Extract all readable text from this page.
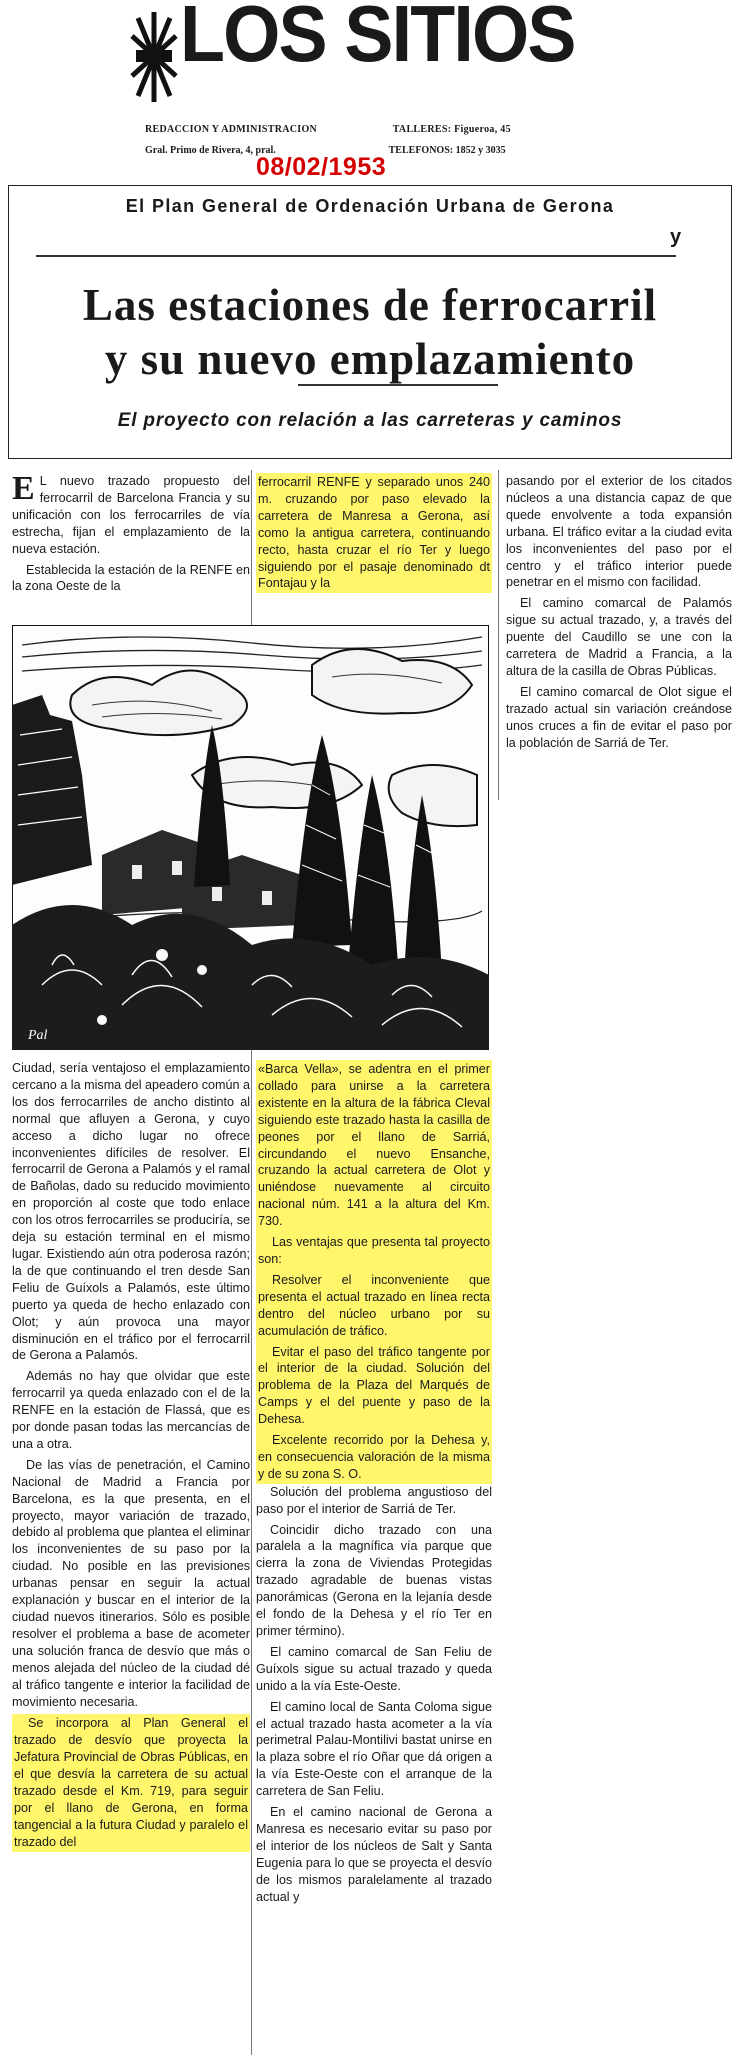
LOS SITIOS
REDACCION Y ADMINISTRACION	TALLERES: Figueroa, 45
Gral. Primo de Rivera, 4, pral.	TELEFONOS: 1852 y 3035
08/02/1953
El Plan General de Ordenación Urbana de Gerona
y
Las estaciones de ferrocarril
y su nuevo emplazamiento
El proyecto con relación a las carreteras y caminos

E L nuevo trazado propuesto del ferrocarril de Barcelona Francia y su unificación con los ferrocarriles de vía estrecha, fijan el emplazamiento de la nueva estación.

Establecida la estación de la RENFE en la zona Oeste de la

ferrocarril RENFE y separado unos 240 m. cruzando por paso elevado la carretera de Manresa a Gerona, así como la antigua carretera, continuando recto, hasta cruzar el río Ter y luego siguiendo por el pasaje denominado dt Fontajau y la

pasando por el exterior de los citados núcleos a una distancia capaz de que quede envolvente a toda expansión urbana. El tráfico evitar a la ciudad evita los inconvenientes del paso por el centro y el tráfico interior puede penetrar en el mismo con facilidad.

El camino comarcal de Palamós sigue su actual trazado, y, a través del puente del Caudillo se une con la carretera de Madrid a Francia, a la altura de la casilla de Obras Públicas.

El camino comarcal de Olot sigue el trazado actual sin variación creándose unos cruces a fin de evitar el paso por la población de Sarriá de Ter.

Pal

Ciudad, sería ventajoso el emplazamiento cercano a la misma del apeadero común a los dos ferrocarriles de ancho distinto al normal que afluyen a Gerona, y cuyo acceso a dicho lugar no ofrece inconvenientes difíciles de resolver. El ferrocarril de Gerona a Palamós y el ramal de Bañolas, dado su reducido movimiento en proporción al coste que todo enlace con los otros ferrocarriles se produciría, se deja su estación terminal en el mismo lugar. Existiendo aún otra poderosa razón; la de que continuando el tren desde San Feliu de Guíxols a Palamós, este último puerto ya queda de hecho enlazado con Olot; y aún provoca una mayor disminución en el tráfico por el ferrocarril de Gerona a Palamós.

Además no hay que olvidar que este ferrocarril ya queda enlazado con el de la RENFE en la estación de Flassá, que es por donde pasan todas las mercancías de una a otra.

De las vías de penetración, el Camino Nacional de Madrid a Francia por Barcelona, es la que presenta, en el proyecto, mayor variación de trazado, debido al problema que plantea el eliminar los inconvenientes de su paso por la ciudad. No posible en las previsiones urbanas pensar en seguir la actual explanación y buscar en el interior de la ciudad nuevos itinerarios. Sólo es posible resolver el problema a base de acometer una solución franca de desvío que más o menos alejada del núcleo de la ciudad dé al tráfico tangente e interior la facilidad de movimiento necesaria.

Se incorpora al Plan General el trazado de desvío que proyecta la Jefatura Provincial de Obras Públicas, en el que desvía la carretera de su actual trazado desde el Km. 719, para seguir por el llano de Gerona, en forma tangencial a la futura Ciudad y paralelo el trazado del

«Barca Vella», se adentra en el primer collado para unirse a la carretera existente en la altura de la fábrica Cleval siguiendo este trazado hasta la casilla de peones por el llano de Sarriá, circundando el nuevo Ensanche, cruzando la actual carretera de Olot y uniéndose nuevamente al circuito nacional núm. 141 a la altura del Km. 730.

Las ventajas que presenta tal proyecto son:

Resolver el inconveniente que presenta el actual trazado en línea recta dentro del núcleo urbano por su acumulación de tráfico.

Evitar el paso del tráfico tangente por el interior de la ciudad. Solución del problema de la Plaza del Marqués de Camps y el del puente y paso de la Dehesa.

Excelente recorrido por la Dehesa y, en consecuencia valoración de la misma y de su zona S. O.

Solución del problema angustioso del paso por el interior de Sarriá de Ter.

Coincidir dicho trazado con una paralela a la magnífica vía parque que cierra la zona de Viviendas Protegidas trazado agradable de buenas vistas panorámicas (Gerona en la lejanía desde el fondo de la Dehesa y el río Ter en primer término).

El camino comarcal de San Feliu de Guíxols sigue su actual trazado y queda unido a la vía Este-Oeste.

El camino local de Santa Coloma sigue el actual trazado hasta acometer a la vía perimetral Palau-Montilivi bastat unirse en la plaza sobre el río Oñar que dá origen a la vía Este-Oeste con el arranque de la carretera de San Feliu.

En el camino nacional de Gerona a Manresa es necesario evitar su paso por el interior de los núcleos de Salt y Santa Eugenia para lo que se proyecta el desvío de los mismos paralelamente al trazado actual y
